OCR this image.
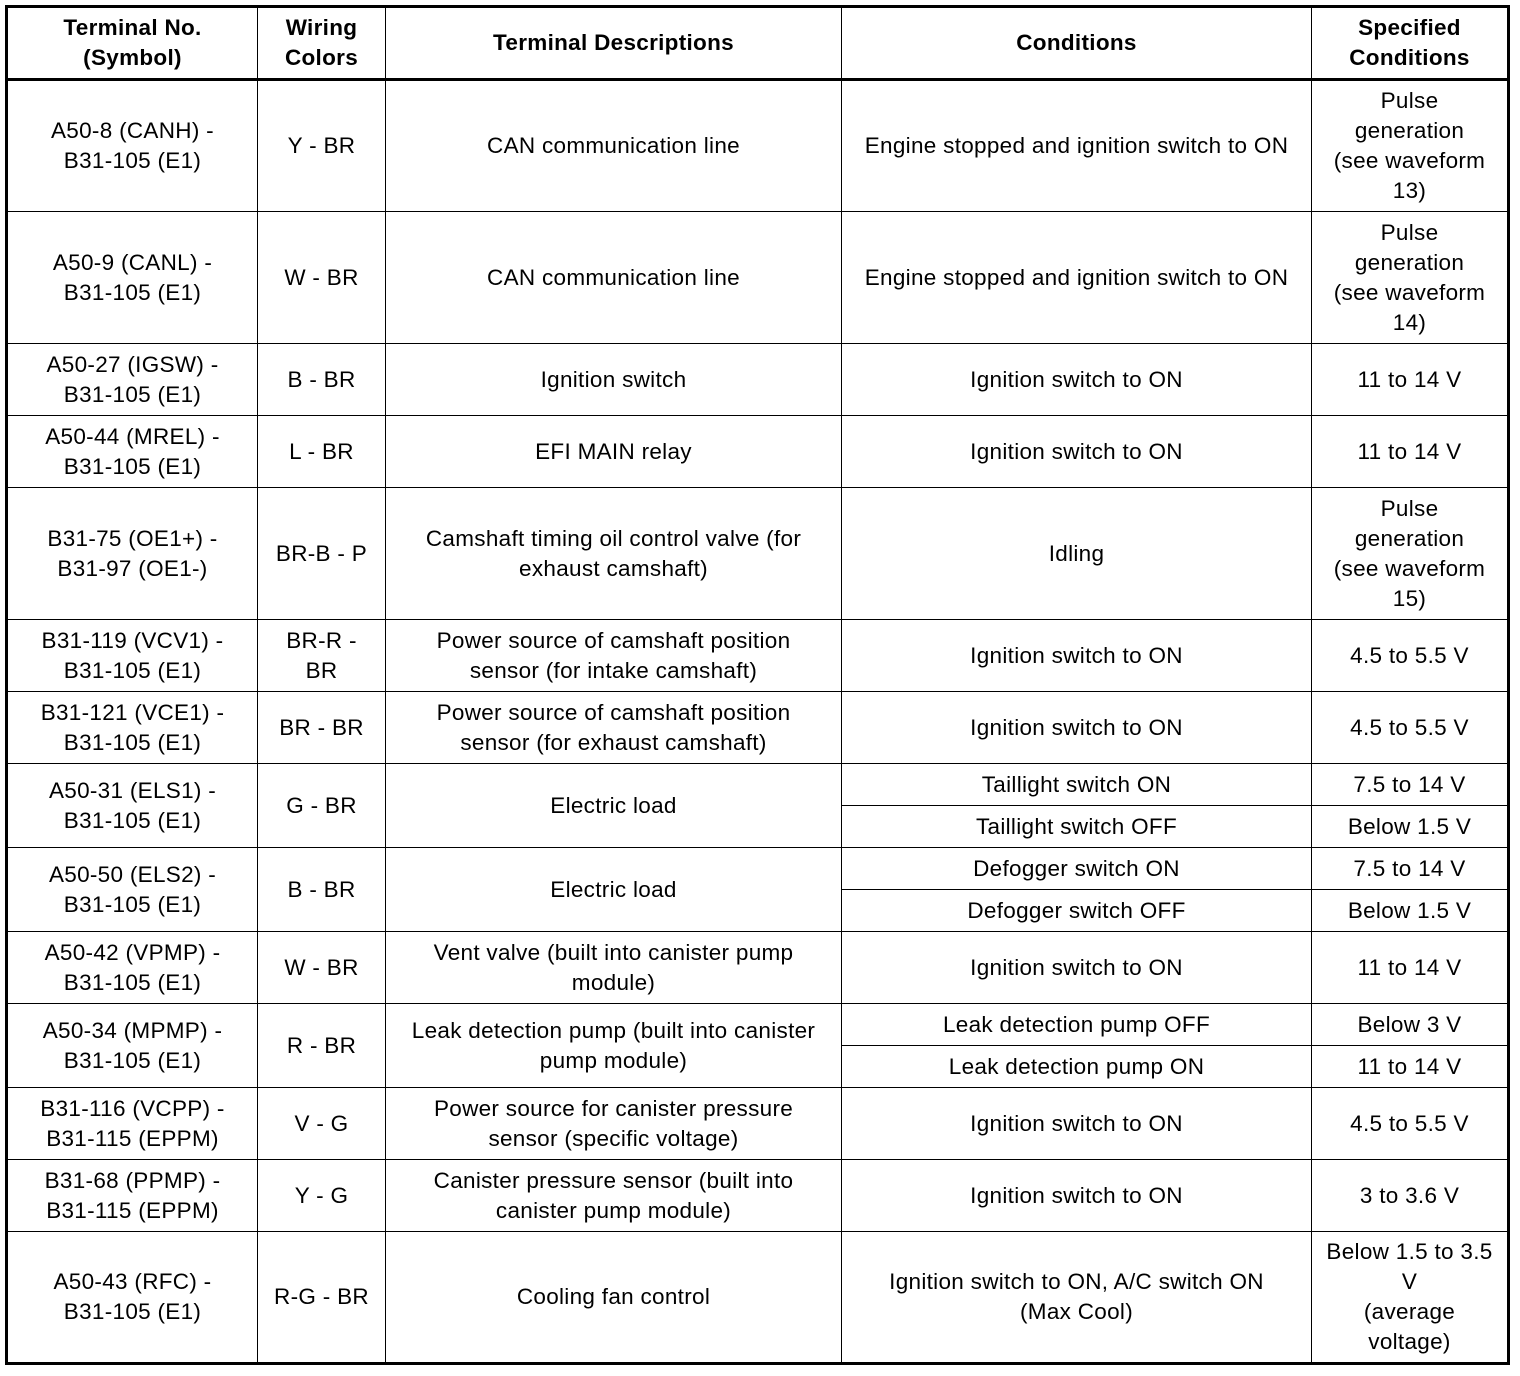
Terminal No.
(Symbol)	Wiring
Colors	Terminal Descriptions	Conditions	Specified
Conditions

A50-8 (CANH) -
B31-105 (E1)	Y - BR	CAN communication line	Engine stopped and ignition switch to ON	Pulse
generation
(see waveform
13)

A50-9 (CANL) -
B31-105 (E1)	W - BR	CAN communication line	Engine stopped and ignition switch to ON	Pulse
generation
(see waveform
14)

A50-27 (IGSW) -
B31-105 (E1)	B - BR	Ignition switch	Ignition switch to ON	11 to 14 V

A50-44 (MREL) -
B31-105 (E1)	L - BR	EFI MAIN relay	Ignition switch to ON	11 to 14 V

B31-75 (OE1+) -
B31-97 (OE1-)	BR-B - P	Camshaft timing oil control valve (for
exhaust camshaft)	Idling	Pulse
generation
(see waveform
15)

B31-119 (VCV1) -
B31-105 (E1)	BR-R -
BR	Power source of camshaft position
sensor (for intake camshaft)	Ignition switch to ON	4.5 to 5.5 V

B31-121 (VCE1) -
B31-105 (E1)	BR - BR	Power source of camshaft position
sensor (for exhaust camshaft)	Ignition switch to ON	4.5 to 5.5 V

A50-31 (ELS1) -
B31-105 (E1)	G - BR	Electric load	Taillight switch ON	7.5 to 14 V

			Taillight switch OFF	Below 1.5 V

A50-50 (ELS2) -
B31-105 (E1)	B - BR	Electric load	Defogger switch ON	7.5 to 14 V

			Defogger switch OFF	Below 1.5 V

A50-42 (VPMP) -
B31-105 (E1)	W - BR	Vent valve (built into canister pump
module)	Ignition switch to ON	11 to 14 V

A50-34 (MPMP) -
B31-105 (E1)	R - BR	Leak detection pump (built into canister
pump module)	Leak detection pump OFF	Below 3 V

			Leak detection pump ON	11 to 14 V

B31-116 (VCPP) -
B31-115 (EPPM)	V - G	Power source for canister pressure
sensor (specific voltage)	Ignition switch to ON	4.5 to 5.5 V

B31-68 (PPMP) -
B31-115 (EPPM)	Y - G	Canister pressure sensor (built into
canister pump module)	Ignition switch to ON	3 to 3.6 V

A50-43 (RFC) -
B31-105 (E1)	R-G - BR	Cooling fan control	Ignition switch to ON, A/C switch ON
(Max Cool)	Below 1.5 to 3.5
V
(average
voltage)
